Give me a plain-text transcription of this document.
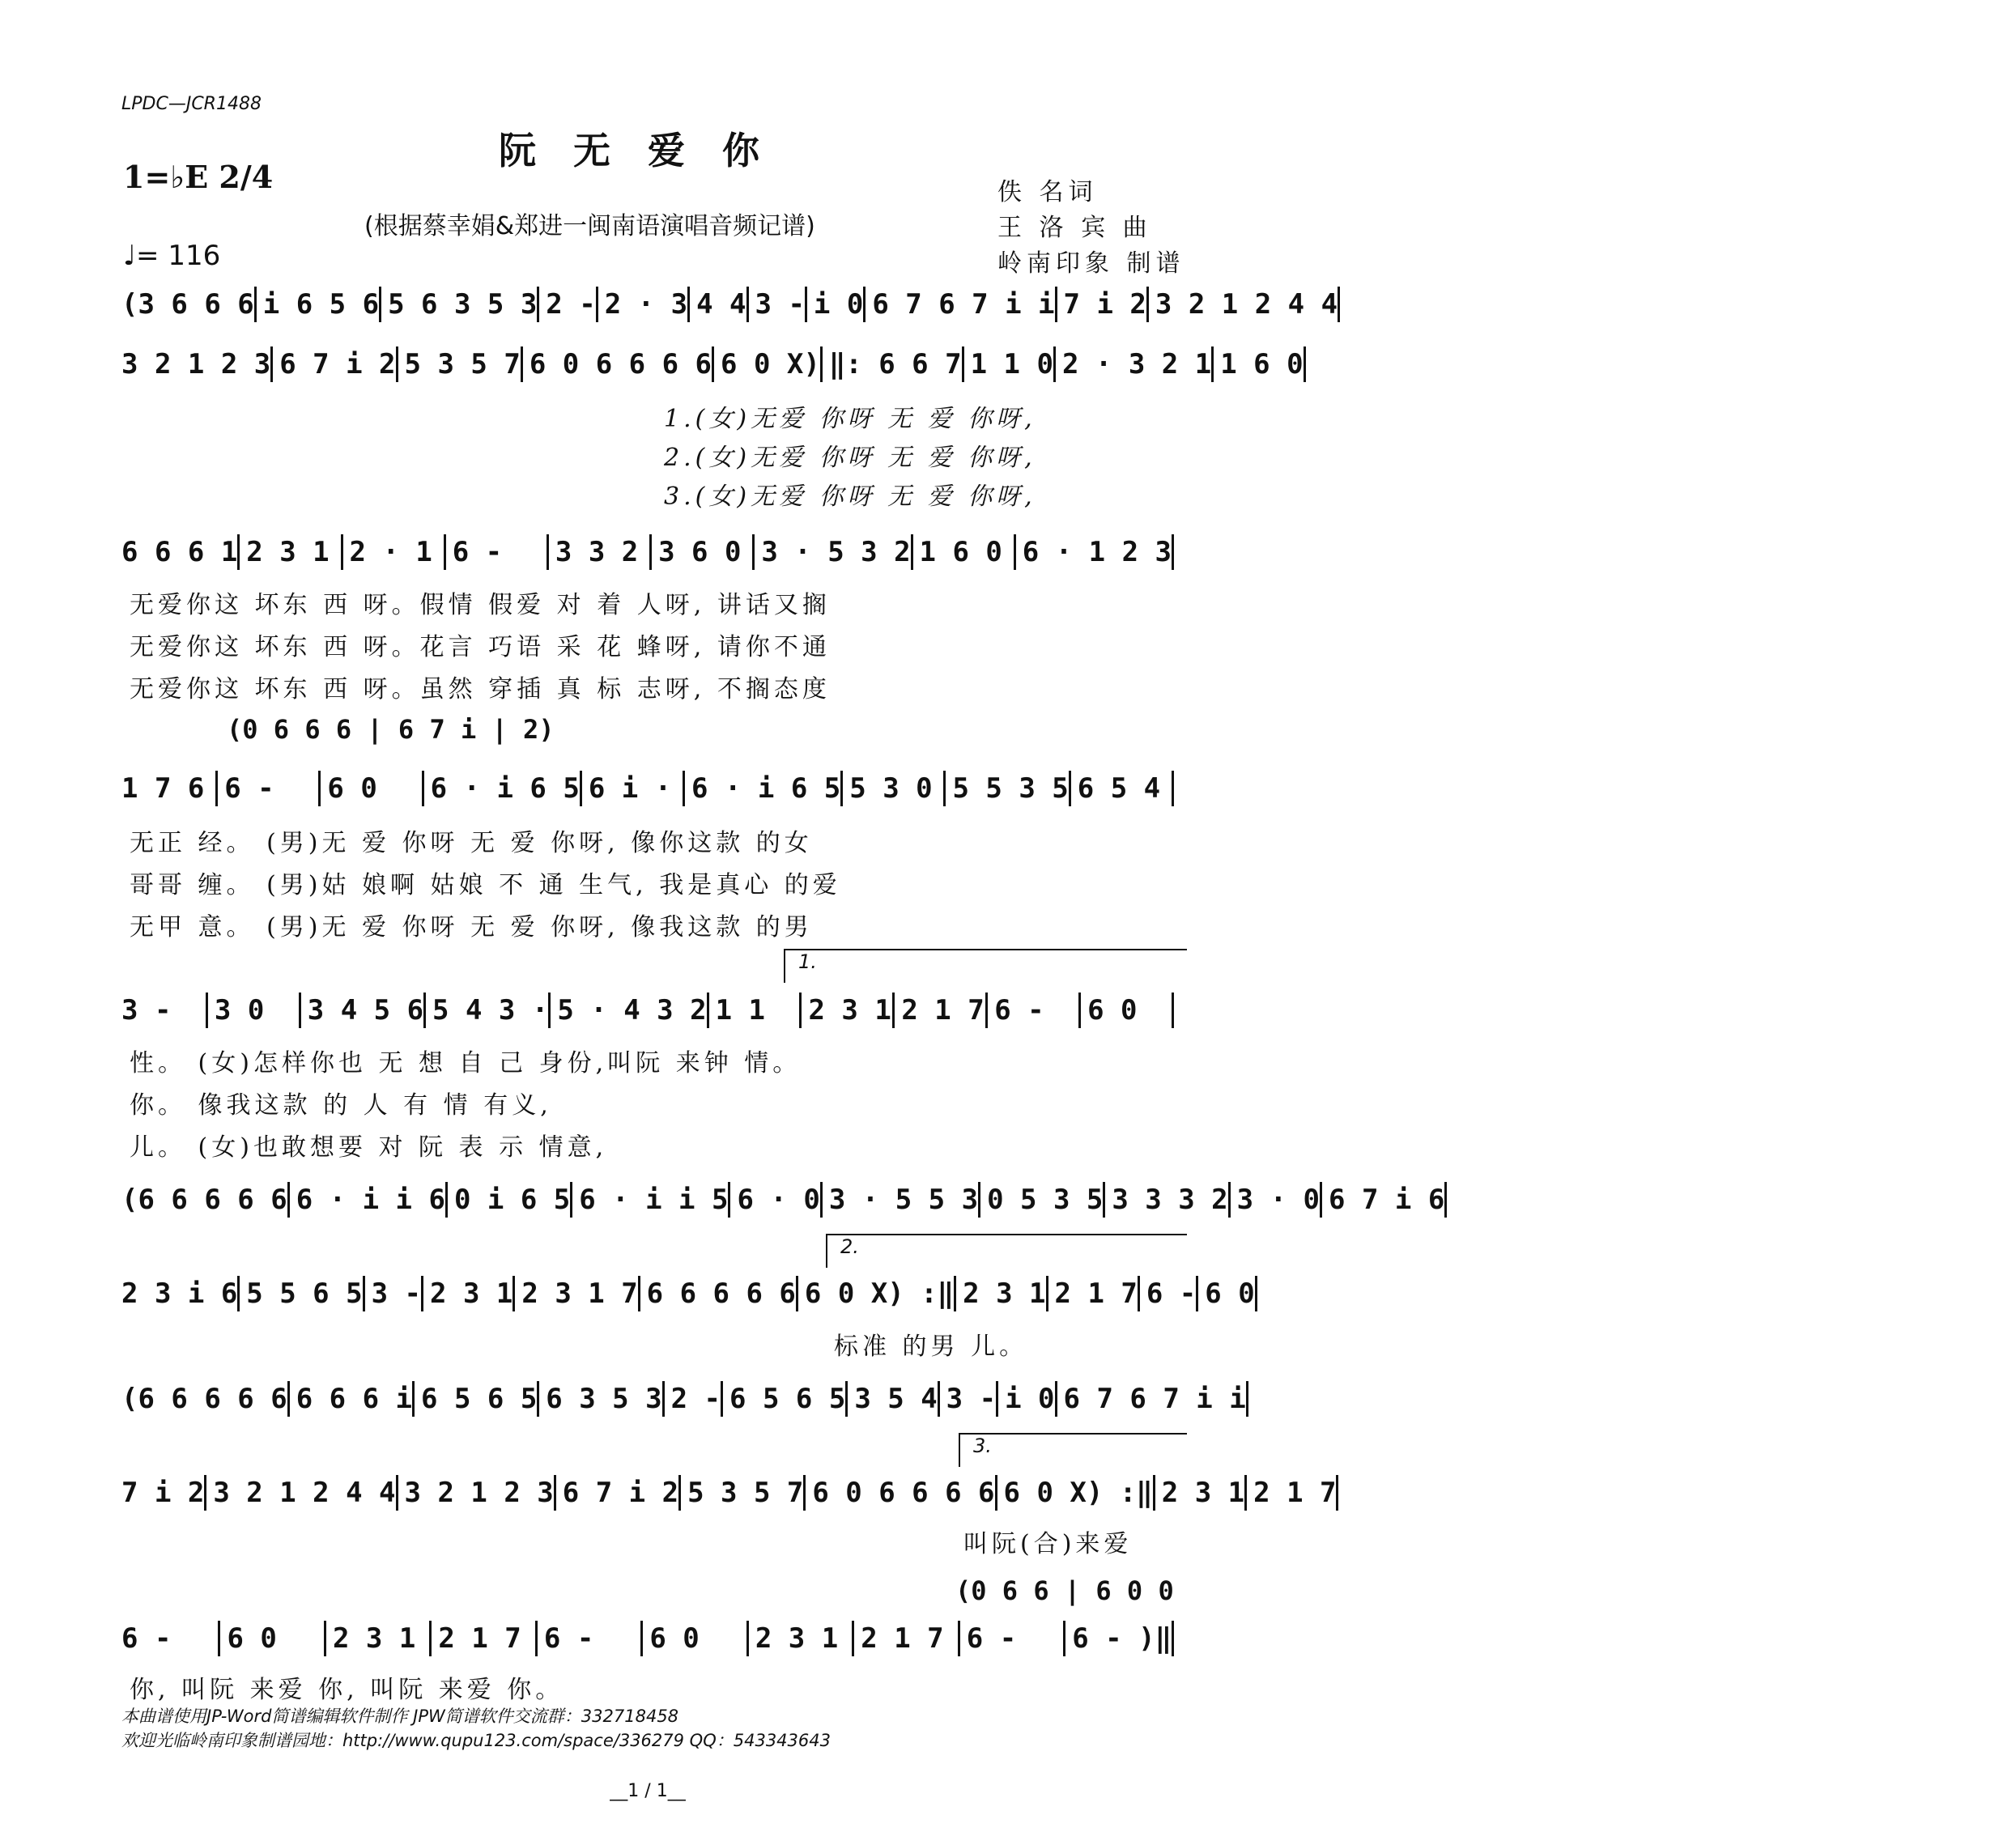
LPDC—JCR1488
阮无爱你
1=♭E 2/4
♩= 116
(根据蔡幸娟&郑进一闽南语演唱音频记谱)
佚 名词
王 洛 宾 曲
岭南印象 制谱
(3 6 6 6 i 6 5 6 5 6 3 5 3 2 - 2 · 3 4 4 3 - i 0 6 7 6 7 i i 7 i 2 3 2 1 2 4 4
3 2 1 2 3 6 7 i 2 5 3 5 7 6 0 6 6 6 6 6 0 X) ‖: 6 6 7 1 1 0 2 · 3 2 1 1 6 0
1.(女)无爱 你呀 无 爱 你呀,
2.(女)无爱 你呀 无 爱 你呀,
3.(女)无爱 你呀 无 爱 你呀,
6 6 6 1 2 3 1 2 · 1 6 -	3 3 2 3 6 0 3 · 5 3 2 1 6 0 6 · 1 2 3
无爱你这 坏东 西 呀。假情 假爱 对 着 人呀, 讲话又搁
无爱你这 坏东 西 呀。花言 巧语 采 花 蜂呀, 请你不通
无爱你这 坏东 西 呀。虽然 穿插 真 标 志呀, 不搁态度
(0 6 6 6 | 6 7 i | 2)
1 7 6 6 -	6 0	6 · i 6 5 6 i · 6 · i 6 5 5 3 0 5 5 3 5 6 5 4
无正 经。 (男)无 爱 你呀 无 爱 你呀, 像你这款 的女
哥哥 缠。 (男)姑 娘啊 姑娘 不 通 生气, 我是真心 的爱
无甲 意。 (男)无 爱 你呀 无 爱 你呀, 像我这款 的男
1.
3 -	3 0	3 4 5 6 5 4 3 · 5 · 4 3 2 1 1	2 3 1 2 1 7 6 -	6 0
性。 (女)怎样你也 无 想 自 己 身份,叫阮 来钟 情。
你。 像我这款 的 人 有 情 有义,
儿。 (女)也敢想要 对 阮 表 示 情意,
(6 6 6 6 6 6 · i i 6 0 i 6 5 6 · i i 5 6 · 0 3 · 5 5 3 0 5 3 5 3 3 3 2 3 · 0 6 7 i 6
2.
2 3 i 6 5 5 6 5 3 - 2 3 1 2 3 1 7 6 6 6 6 6 6 0 X) :‖ 2 3 1 2 1 7 6 - 6 0
标准 的男 儿。
(6 6 6 6 6 6 6 6 i 6 5 6 5 6 3 5 3 2 - 6 5 6 5 3 5 4 3 - i 0 6 7 6 7 i i
3.
7 i 2 3 2 1 2 4 4 3 2 1 2 3 6 7 i 2 5 3 5 7 6 0 6 6 6 6 6 0 X) :‖ 2 3 1 2 1 7
叫阮(合)来爱
(0 6 6 | 6 0 0
6 -	6 0	2 3 1 2 1 7 6 -	6 0	2 3 1 2 1 7 6 -	6 - )‖
你, 叫阮 来爱 你, 叫阮 来爱 你。
本曲谱使用JP-Word简谱编辑软件制作 JPW简谱软件交流群：332718458
欢迎光临岭南印象制谱园地：http://www.qupu123.com/space/336279 QQ：543343643
__1 / 1__
